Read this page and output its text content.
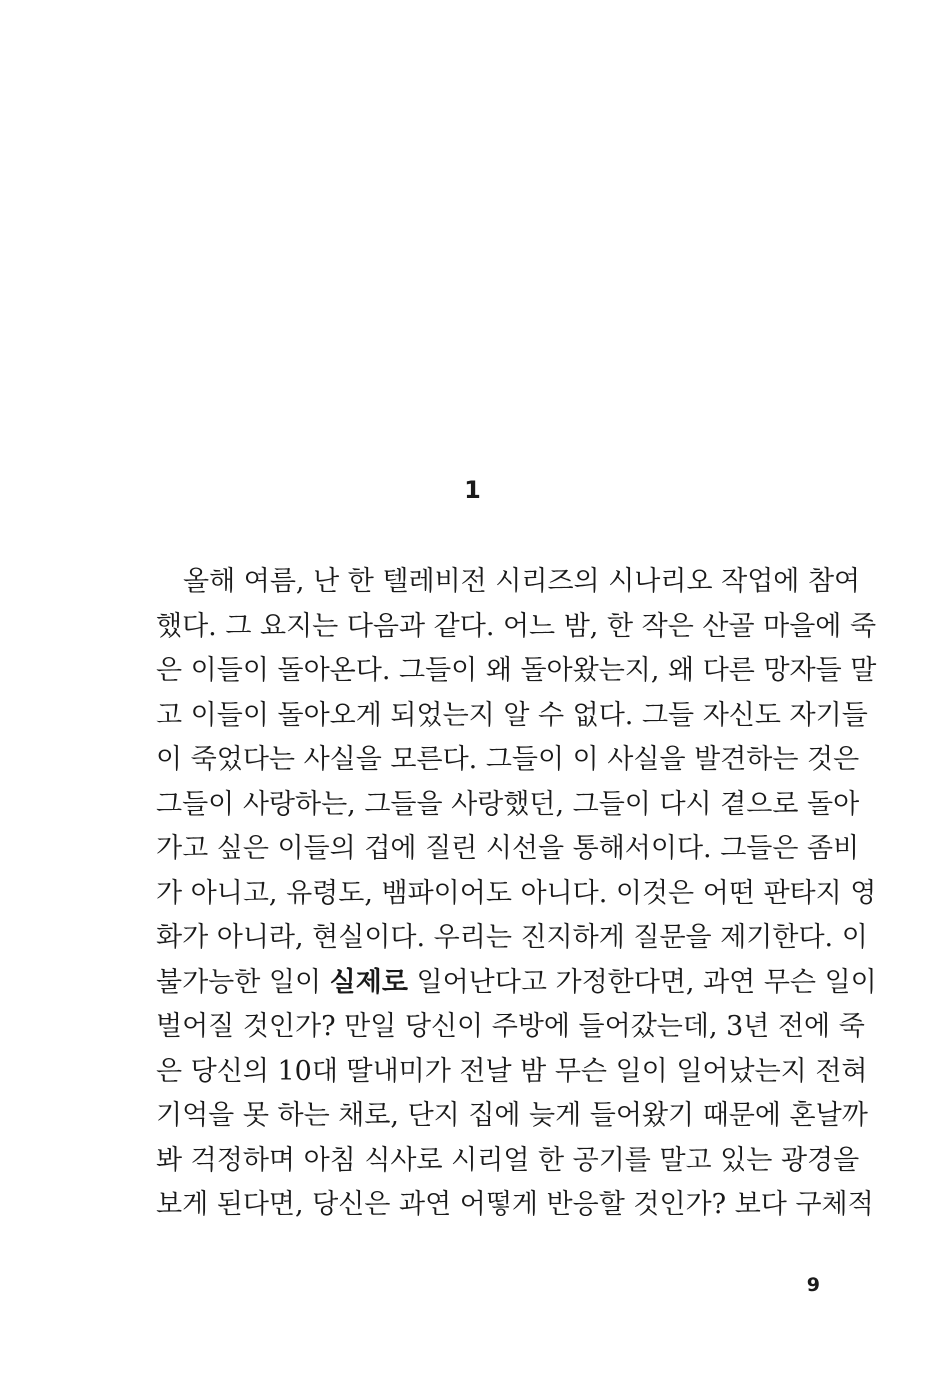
1
올해 여름, 난 한 텔레비전 시리즈의 시나리오 작업에 참여
했다. 그 요지는 다음과 같다. 어느 밤, 한 작은 산골 마을에 죽
은 이들이 돌아온다. 그들이 왜 돌아왔는지, 왜 다른 망자들 말
고 이들이 돌아오게 되었는지 알 수 없다. 그들 자신도 자기들
이 죽었다는 사실을 모른다. 그들이 이 사실을 발견하는 것은
그들이 사랑하는, 그들을 사랑했던, 그들이 다시 곁으로 돌아
가고 싶은 이들의 겁에 질린 시선을 통해서이다. 그들은 좀비
가 아니고, 유령도, 뱀파이어도 아니다. 이것은 어떤 판타지 영
화가 아니라, 현실이다. 우리는 진지하게 질문을 제기한다. 이
불가능한 일이 실제로 일어난다고 가정한다면, 과연 무슨 일이
벌어질 것인가? 만일 당신이 주방에 들어갔는데, 3년 전에 죽
은 당신의 10대 딸내미가 전날 밤 무슨 일이 일어났는지 전혀
기억을 못 하는 채로, 단지 집에 늦게 들어왔기 때문에 혼날까
봐 걱정하며 아침 식사로 시리얼 한 공기를 말고 있는 광경을
보게 된다면, 당신은 과연 어떻게 반응할 것인가? 보다 구체적
9
